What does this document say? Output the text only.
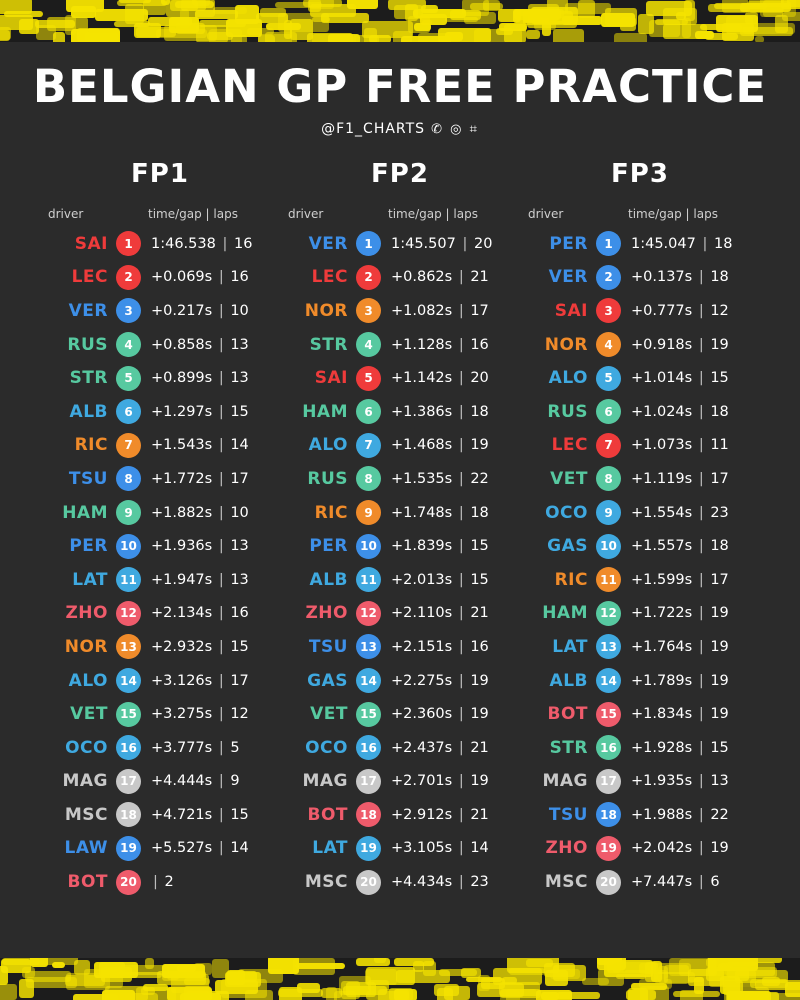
BELGIAN GP FREE PRACTICE
@F1_CHARTS ✆ ◎ ⌗
FP1
driver	time/gap | laps
SAI	1	1:46.538 | 16
LEC	2	+0.069s | 16
VER	3	+0.217s | 10
RUS	4	+0.858s | 13
STR	5	+0.899s | 13
ALB	6	+1.297s | 15
RIC	7	+1.543s | 14
TSU	8	+1.772s | 17
HAM	9	+1.882s | 10
PER	10 +1.936s | 13
LAT	11 +1.947s | 13
ZHO	12 +2.134s | 16
NOR	13 +2.932s | 15
ALO	14 +3.126s | 17
VET	15 +3.275s | 12
OCO	16 +3.777s | 5
MAG	17 +4.444s | 9
MSC	18 +4.721s | 15
LAW	19 +5.527s | 14
BOT	20 | 2
FP2
driver	time/gap | laps
VER	1	1:45.507 | 20
LEC	2	+0.862s | 21
NOR	3	+1.082s | 17
STR	4	+1.128s | 16
SAI	5	+1.142s | 20
HAM	6	+1.386s | 18
ALO	7	+1.468s | 19
RUS	8	+1.535s | 22
RIC	9	+1.748s | 18
PER	10 +1.839s | 15
ALB	11 +2.013s | 15
ZHO	12 +2.110s | 21
TSU	13 +2.151s | 16
GAS	14 +2.275s | 19
VET	15 +2.360s | 19
OCO	16 +2.437s | 21
MAG	17 +2.701s | 19
BOT	18 +2.912s | 21
LAT	19 +3.105s | 14
MSC	20 +4.434s | 23
FP3
driver	time/gap | laps
PER	1	1:45.047 | 18
VER	2	+0.137s | 18
SAI	3	+0.777s | 12
NOR	4	+0.918s | 19
ALO	5	+1.014s | 15
RUS	6	+1.024s | 18
LEC	7	+1.073s | 11
VET	8	+1.119s | 17
OCO	9	+1.554s | 23
GAS	10 +1.557s | 18
RIC	11 +1.599s | 17
HAM	12 +1.722s | 19
LAT	13 +1.764s | 19
ALB	14 +1.789s | 19
BOT	15 +1.834s | 19
STR	16 +1.928s | 15
MAG	17 +1.935s | 13
TSU	18 +1.988s | 22
ZHO	19 +2.042s | 19
MSC	20 +7.447s | 6
